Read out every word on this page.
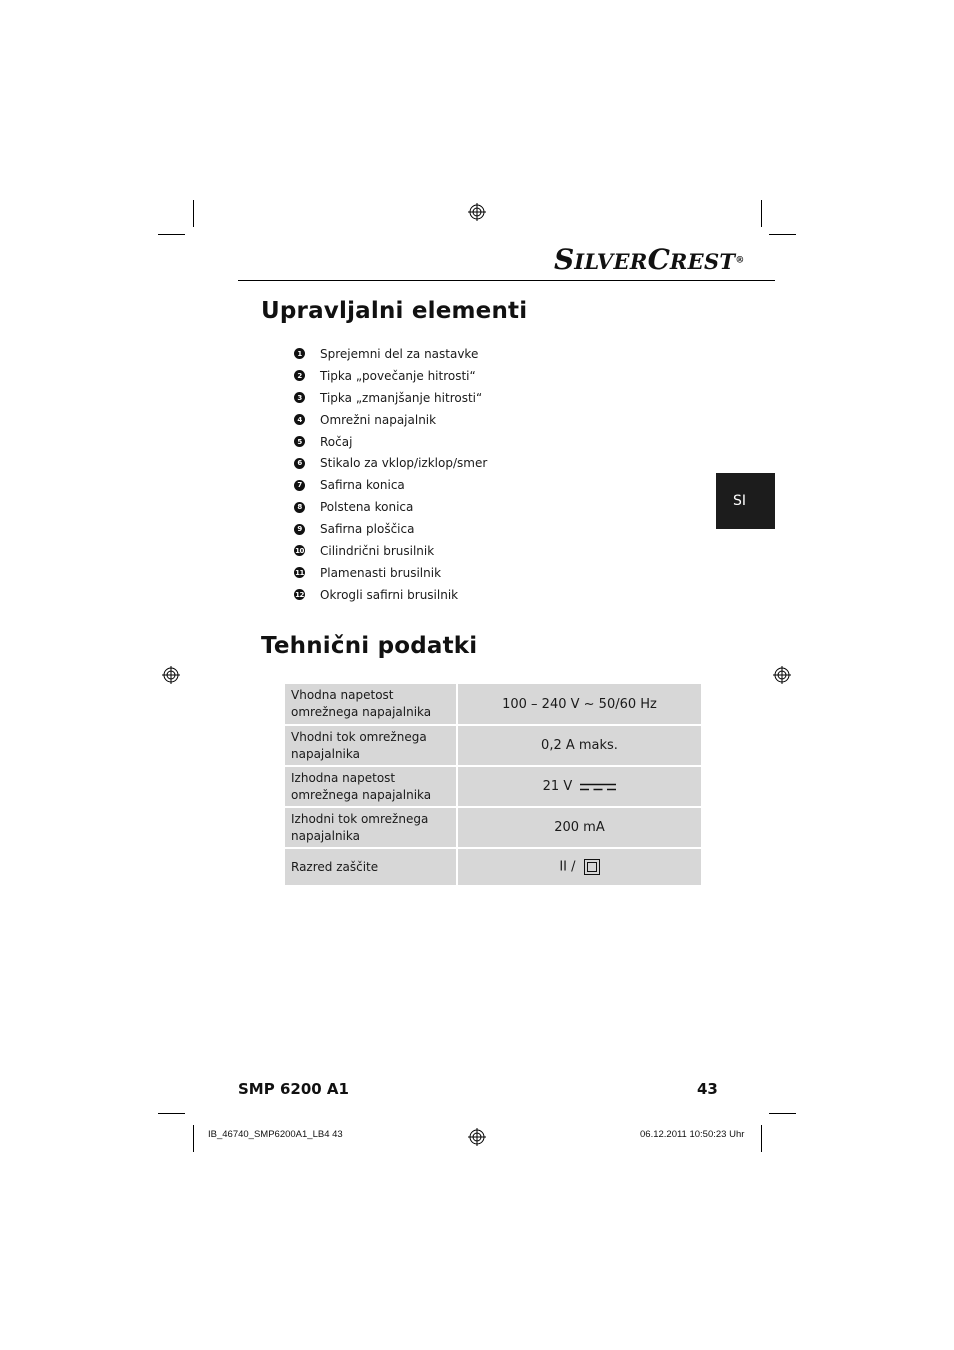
SILVERCREST®
SI
Upravljalni elementi
1 Sprejemni del za nastavke
2 Tipka „povečanje hitrosti“
3 Tipka „zmanjšanje hitrosti“
4 Omrežni napajalnik
5 Ročaj
6 Stikalo za vklop/izklop/smer
7 Safirna konica
8 Polstena konica
9 Safirna ploščica
10 Cilindrični brusilnik
11 Plamenasti brusilnik
12 Okrogli safirni brusilnik
Tehnični podatki
Vhodna napetost omrežnega napajalnika	100 – 240 V ~ 50/60 Hz
Vhodni tok omrežnega napajalnika	0,2 A maks.
Izhodna napetost omrežnega napajalnika	21 V
Izhodni tok omrežnega napajalnika	200 mA
Razred zaščite	II /
SMP 6200 A1	43
IB_46740_SMP6200A1_LB4 43	06.12.2011 10:50:23 Uhr
